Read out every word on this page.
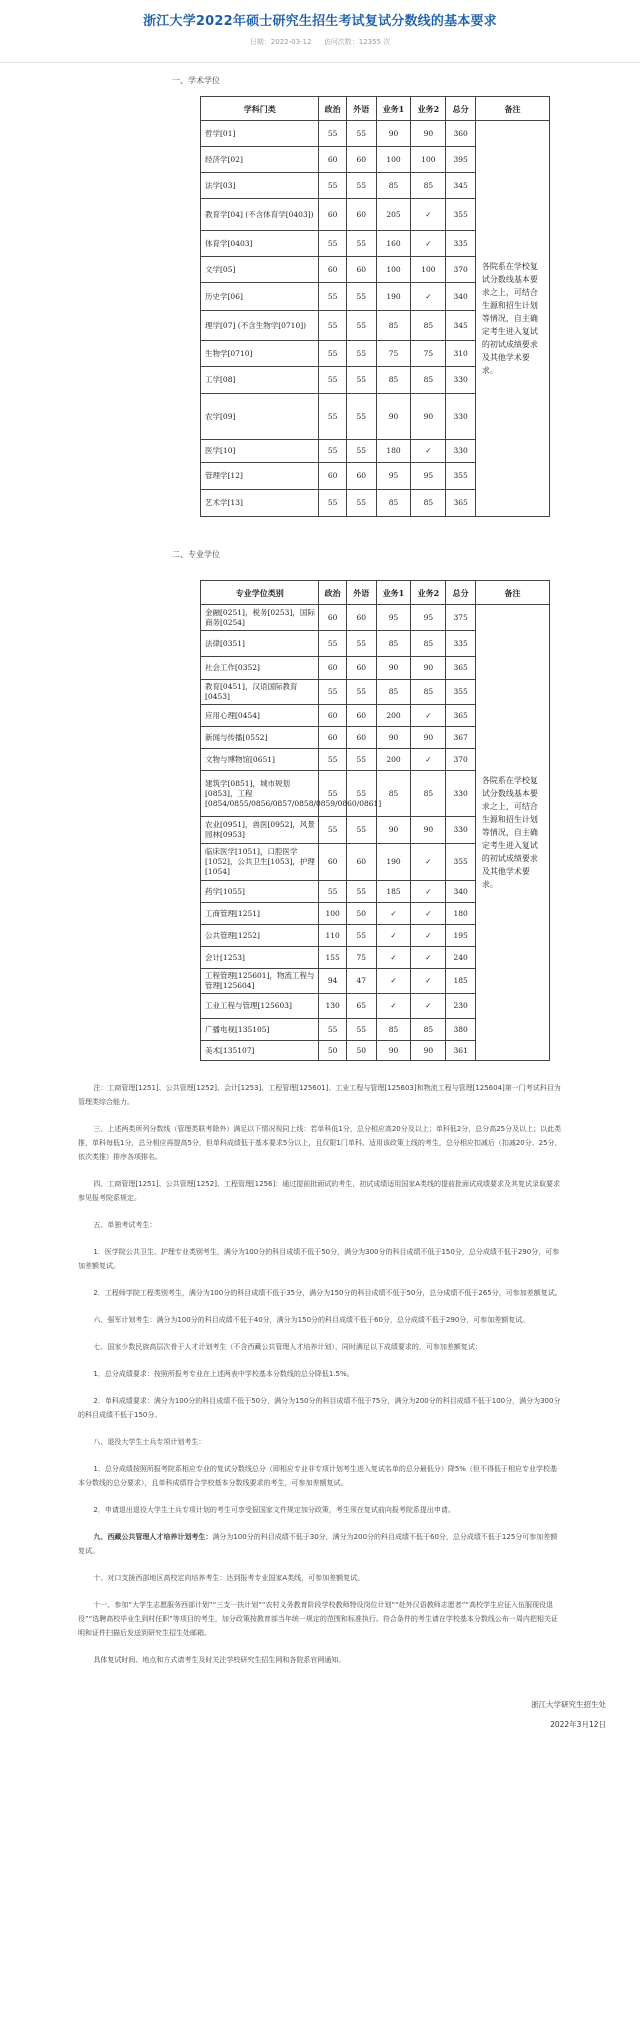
浙江大学2022年硕士研究生招生考试复试分数线的基本要求
日期：2022-03-12 访问次数：12355 次
一、学术学位
学科门类	政治	外语	业务1	业务2	总分	备注
哲学[01]	55	55	90	90	360	各院系在学校复试分数线基本要求之上，可结合生源和招生计划等情况，自主确定考生进入复试的初试成绩要求及其他学术要求。
经济学[02]	60	60	100	100	395	
法学[03]	55	55	85	85	345	
教育学[04] (不含体育学[0403])	60	60	205	✓	355	
体育学[0403]	55	55	160	✓	335	
文学[05]	60	60	100	100	370	
历史学[06]	55	55	190	✓	340	
理学[07] (不含生物学[0710])	55	55	85	85	345	
生物学[0710]	55	55	75	75	310	
工学[08]	55	55	85	85	330	
农学[09]	55	55	90	90	330	
医学[10]	55	55	180	✓	330	
管理学[12]	60	60	95	95	355	
艺术学[13]	55	55	85	85	365	
二、专业学位
专业学位类别	政治	外语	业务1	业务2	总分	备注
金融[0251]，税务[0253]，国际商务[0254]	60	60	95	95	375	各院系在学校复试分数线基本要求之上，可结合生源和招生计划等情况，自主确定考生进入复试的初试成绩要求及其他学术要求。
法律[0351]	55	55	85	85	335	
社会工作[0352]	60	60	90	90	365	
教育[0451]，汉语国际教育[0453]	55	55	85	85	355	
应用心理[0454]	60	60	200	✓	365	
新闻与传播[0552]	60	60	90	90	367	
文物与博物馆[0651]	55	55	200	✓	370	
建筑学[0851]，城市规划[0853]，工程[0854/0855/0856/0857/0858/0859/0860/0861]	55	55	85	85	330	
农业[0951]，兽医[0952]，风景园林[0953]	55	55	90	90	330	
临床医学[1051]，口腔医学[1052]，公共卫生[1053]，护理[1054]	60	60	190	✓	355	
药学[1055]	55	55	185	✓	340	
工商管理[1251]	100	50	✓	✓	180	
公共管理[1252]	110	55	✓	✓	195	
会计[1253]	155	75	✓	✓	240	
工程管理[125601]，物流工程与管理[125604]	94	47	✓	✓	185	
工业工程与管理[125603]	130	65	✓	✓	230	
广播电视[135105]	55	55	85	85	380	
美术[135107]	50	50	90	90	361	
注：工商管理[1251]、公共管理[1252]、会计[1253]、工程管理[125601]、工业工程与管理[125603]和物流工程与管理[125604]第一门考试科目为管理类综合能力。
三、上述两类所列分数线（管理类联考除外）满足以下情况视同上线：若单科低1分，总分相应高20分及以上；单科低2分，总分高25分及以上；以此类推，单科每低1分，总分相应再提高5分，但单科成绩低于基本要求5分以上，且仅限1门单科。适用该政策上线的考生，总分相应扣减后（扣减20分、25分，依次类推）排序各项排名。
四、工商管理[1251]、公共管理[1252]、工程管理[1256]：通过提前批面试的考生，初试成绩适用国家A类线的提前批面试成绩要求及其复试录取要求参见报考院系规定。
五、单独考试考生：
1．医学院公共卫生、护理专业类别考生，满分为100分的科目成绩不低于50分，满分为300分的科目成绩不低于150分，总分成绩不低于290分，可参加差额复试。
2．工程师学院工程类别考生，满分为100分的科目成绩不低于35分，满分为150分的科目成绩不低于50分，总分成绩不低于265分，可参加差额复试。
六、强军计划考生：满分为100分的科目成绩不低于40分，满分为150分的科目成绩不低于60分，总分成绩不低于290分，可参加差额复试。
七、国家少数民族高层次骨干人才计划考生（不含西藏公共管理人才培养计划），同时满足以下成绩要求的，可参加差额复试：
1．总分成绩要求：按照所报考专业在上述两表中学校基本分数线的总分降低1.5%。
2．单科成绩要求：满分为100分的科目成绩不低于50分，满分为150分的科目成绩不低于75分，满分为200分的科目成绩不低于100分，满分为300分的科目成绩不低于150分。
八、退役大学生士兵专项计划考生：
1．总分成绩按照所报考院系相应专业的复试分数线总分（即相应专业非专项计划考生进入复试名单的总分最低分）降5%（但不得低于相应专业学校基本分数线的总分要求），且单科成绩符合学校基本分数线要求的考生，可参加差额复试。
2．申请退出退役大学生士兵专项计划的考生可享受报国家文件规定加分政策，考生须在复试前向报考院系提出申请。
九、西藏公共管理人才培养计划考生：满分为100分的科目成绩不低于30分，满分为200分的科目成绩不低于60分，总分成绩不低于125分可参加差额复试。
十、对口支援西部地区高校定向培养考生：达到报考专业国家A类线，可参加差额复试。
十一、参加“大学生志愿服务西部计划”“三支一扶计划”“农村义务教育阶段学校教师特设岗位计划”“赴外汉语教师志愿者”“高校学生应征入伍服现役退役”“选聘高校毕业生到村任职”等项目的考生，加分政策按教育部当年统一规定的范围和标准执行。符合条件的考生请在学校基本分数线公布一周内把相关证明和证件扫描后发送到研究生招生处邮箱。
具体复试时间、地点和方式请考生及时关注学校研究生招生网和各院系官网通知。
浙江大学研究生招生处
2022年3月12日
